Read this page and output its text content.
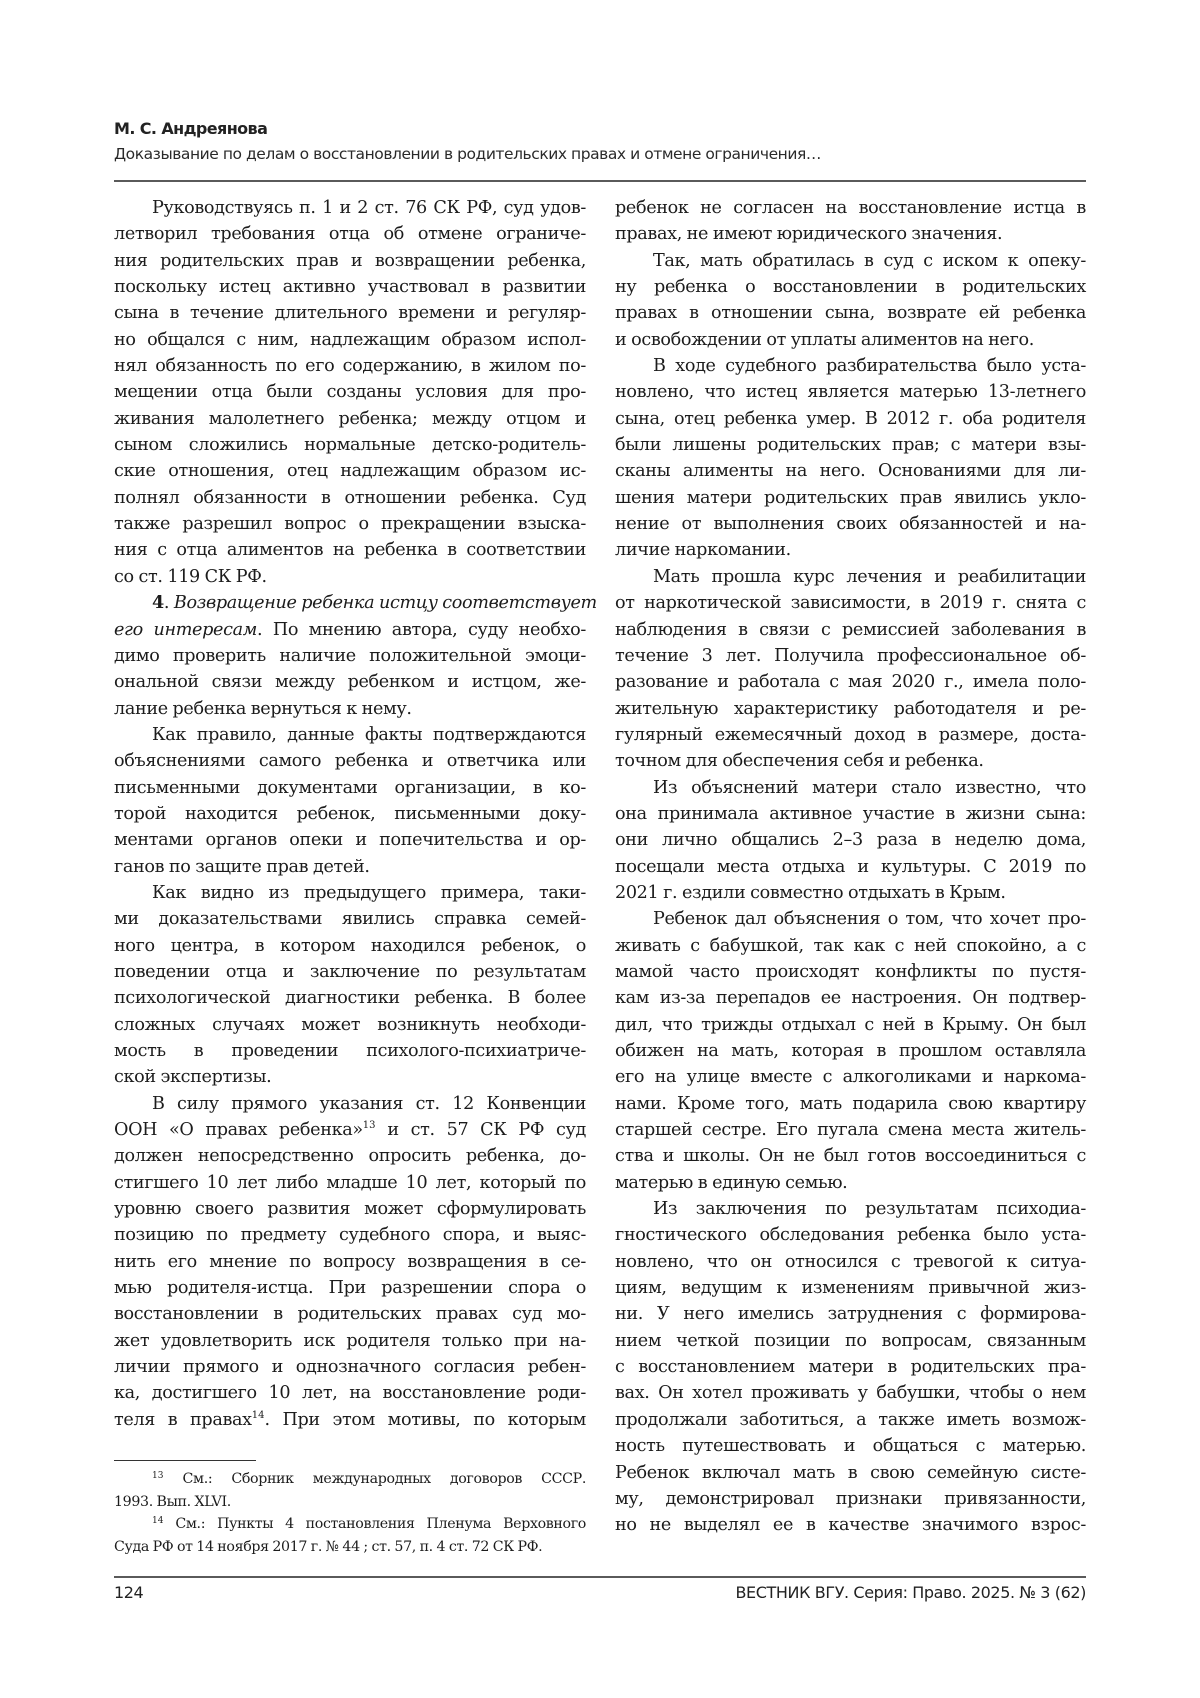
М. С. Андреянова
Доказывание по делам о восстановлении в родительских правах и отмене ограничения…
Руководствуясь п. 1 и 2 ст. 76 СК РФ, суд удов-
летворил требования отца об отмене ограниче-
ния родительских прав и возвращении ребенка,
поскольку истец активно участвовал в развитии
сына в течение длительного времени и регуляр-
но общался с ним, надлежащим образом испол-
нял обязанность по его содержанию, в жилом по-
мещении отца были созданы условия для про-
живания малолетнего ребенка; между отцом и
сыном сложились нормальные детско-родитель-
ские отношения, отец надлежащим образом ис-
полнял обязанности в отношении ребенка. Суд
также разрешил вопрос о прекращении взыска-
ния с отца алиментов на ребенка в соответствии
со ст. 119 СК РФ.
4. Возвращение ребенка истцу соответствует
его интересам. По мнению автора, суду необхо-
димо проверить наличие положительной эмоци-
ональной связи между ребенком и истцом, же-
лание ребенка вернуться к нему.
Как правило, данные факты подтверждаются
объяснениями самого ребенка и ответчика или
письменными документами организации, в ко-
торой находится ребенок, письменными доку-
ментами органов опеки и попечительства и ор-
ганов по защите прав детей.
Как видно из предыдущего примера, таки-
ми доказательствами явились справка семей-
ного центра, в котором находился ребенок, о
поведении отца и заключение по результатам
психологической диагностики ребенка. В более
сложных случаях может возникнуть необходи-
мость в проведении психолого-психиатриче-
ской экспертизы.
В силу прямого указания ст. 12 Конвенции
ООН «О правах ребенка»$^{13}$ и ст. 57 СК РФ суд
должен непосредственно опросить ребенка, до-
стигшего 10 лет либо младше 10 лет, который по
уровню своего развития может сформулировать
позицию по предмету судебного спора, и выяс-
нить его мнение по вопросу возвращения в се-
мью родителя-истца. При разрешении спора о
восстановлении в родительских правах суд мо-
жет удовлетворить иск родителя только при на-
личии прямого и однозначного согласия ребен-
ка, достигшего 10 лет, на восстановление роди-
теля в правах$^{14}$. При этом мотивы, по которым
ребенок не согласен на восстановление истца в
правах, не имеют юридического значения.
Так, мать обратилась в суд с иском к опеку-
ну ребенка о восстановлении в родительских
правах в отношении сына, возврате ей ребенка
и освобождении от уплаты алиментов на него.
В ходе судебного разбирательства было уста-
новлено, что истец является матерью 13-летнего
сына, отец ребенка умер. В 2012 г. оба родителя
были лишены родительских прав; с матери взы-
сканы алименты на него. Основаниями для ли-
шения матери родительских прав явились укло-
нение от выполнения своих обязанностей и на-
личие наркомании.
Мать прошла курс лечения и реабилитации
от наркотической зависимости, в 2019 г. снята с
наблюдения в связи с ремиссией заболевания в
течение 3 лет. Получила профессиональное об-
разование и работала с мая 2020 г., имела поло-
жительную характеристику работодателя и ре-
гулярный ежемесячный доход в размере, доста-
точном для обеспечения себя и ребенка.
Из объяснений матери стало известно, что
она принимала активное участие в жизни сына:
они лично общались 2–3 раза в неделю дома,
посещали места отдыха и культуры. С 2019 по
2021 г. ездили совместно отдыхать в Крым.
Ребенок дал объяснения о том, что хочет про-
живать с бабушкой, так как с ней спокойно, а с
мамой часто происходят конфликты по пустя-
кам из-за перепадов ее настроения. Он подтвер-
дил, что трижды отдыхал с ней в Крыму. Он был
обижен на мать, которая в прошлом оставляла
его на улице вместе с алкоголиками и наркома-
нами. Кроме того, мать подарила свою квартиру
старшей сестре. Его пугала смена места житель-
ства и школы. Он не был готов воссоединиться с
матерью в единую семью.
Из заключения по результатам психодиа-
гностического обследования ребенка было уста-
новлено, что он относился с тревогой к ситуа-
циям, ведущим к изменениям привычной жиз-
ни. У него имелись затруднения с формирова-
нием четкой позиции по вопросам, связанным
с восстановлением матери в родительских пра-
вах. Он хотел проживать у бабушки, чтобы о нем
продолжали заботиться, а также иметь возмож-
ность путешествовать и общаться с матерью.
Ребенок включал мать в свою семейную систе-
му, демонстрировал признаки привязанности,
но не выделял ее в качестве значимого взрос-
$^{13}$ См.: Сборник международных договоров СССР.
1993. Вып. XLVI.
$^{14}$ См.: Пункты 4 постановления Пленума Верховного
Суда РФ от 14 ноября 2017 г. № 44 ; ст. 57, п. 4 ст. 72 СК РФ.
124	ВЕСТНИК ВГУ. Серия: Право. 2025. № 3 (62)
